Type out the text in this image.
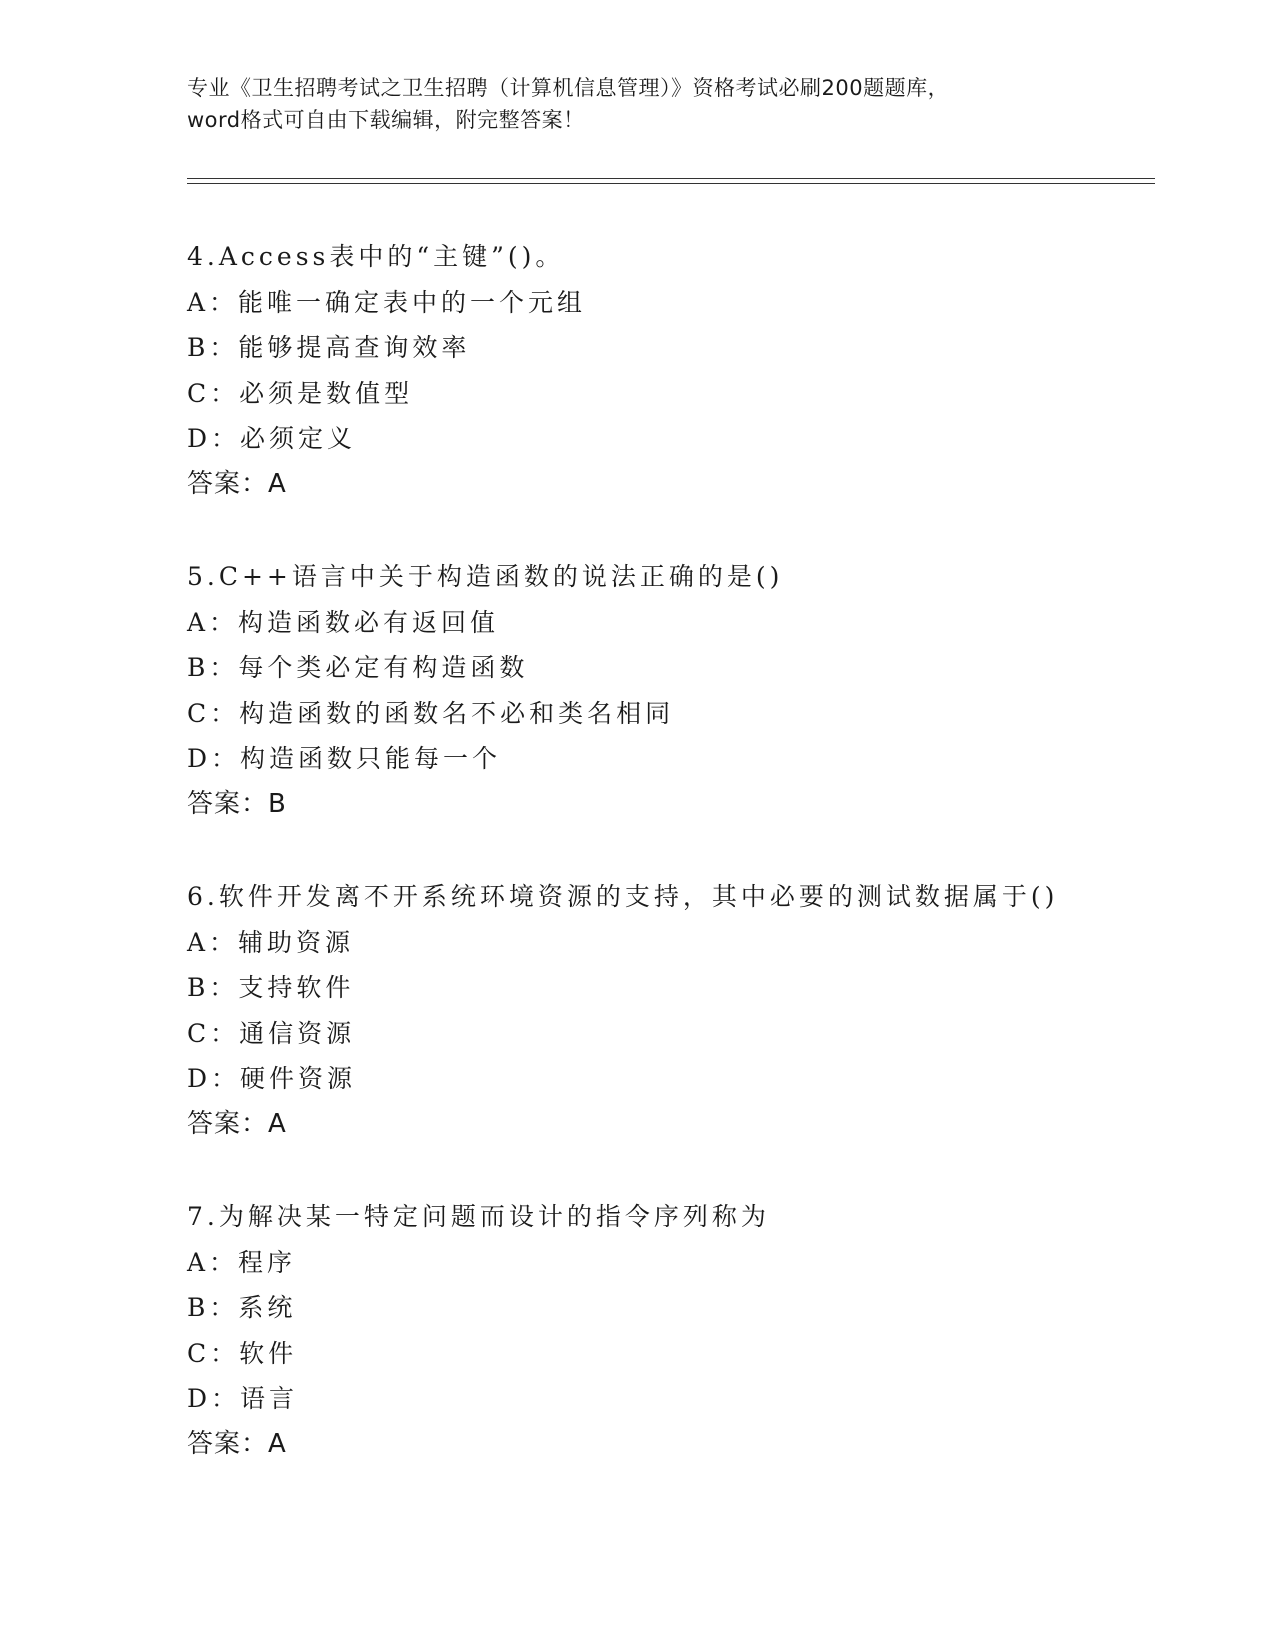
专业《卫生招聘考试之卫生招聘（计算机信息管理）》资格考试必刷200题题库，
word格式可自由下载编辑，附完整答案！
4.Access表中的“主键”()。
A：能唯一确定表中的一个元组
B：能够提高查询效率
C：必须是数值型
D：必须定义
答案：A
5.C++语言中关于构造函数的说法正确的是()
A：构造函数必有返回值
B：每个类必定有构造函数
C：构造函数的函数名不必和类名相同
D：构造函数只能每一个
答案：B
6.软件开发离不开系统环境资源的支持，其中必要的测试数据属于()
A：辅助资源
B：支持软件
C：通信资源
D：硬件资源
答案：A
7.为解决某一特定问题而设计的指令序列称为
A：程序
B：系统
C：软件
D：语言
答案：A
